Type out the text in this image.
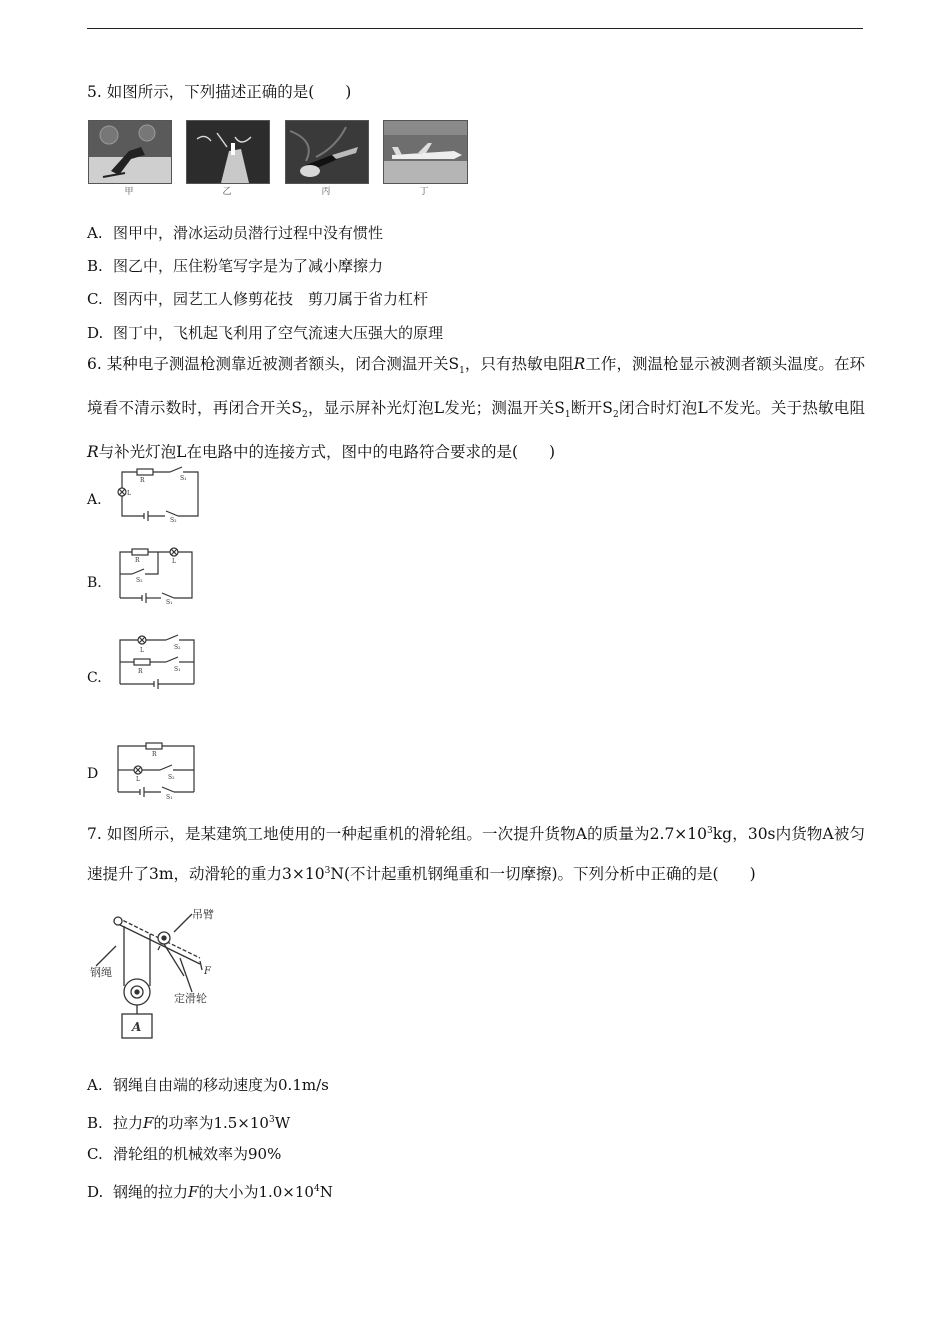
5. 如图所示，下列描述正确的是(　　)
甲	乙	丙	丁
A. 图甲中，滑冰运动员潜行过程中没有惯性
B. 图乙中，压住粉笔写字是为了减小摩擦力
C. 图丙中，园艺工人修剪花技　剪刀属于省力杠杆
D. 图丁中，飞机起飞利用了空气流速大压强大的原理
6. 某种电子测温枪测靠近被测者额头，闭合测温开关$S_1$，只有热敏电阻R工作，测温枪显示被测者额头温度。在环境看不清示数时，再闭合开关$S_2$，显示屏补光灯泡L发光；测温开关$S_1$断开$S_2$闭合时灯泡L不发光。关于热敏电阻R与补光灯泡L在电路中的连接方式，图中的电路符合要求的是(　　)
A.
R
L
S₁
S₂
B.
R	L
S₂
S₁
C.
L	S₂
R	S₁
D
R
L	S₂
S₁
7. 如图所示，是某建筑工地使用的一种起重机的滑轮组。一次提升货物A的质量为$2.7\times 10^3kg$，30s内货物A被匀速提升了3m，动滑轮的重力$3\times 10^3N$(不计起重机钢绳重和一切摩擦)。下列分析中正确的是(　　)
吊臂
钢绳
定滑轮
F
A
A. 钢绳自由端的移动速度为0.1m/s
B. 拉力F的功率为$1.5\times 10^3W$
C. 滑轮组的机械效率为90%
D. 钢绳的拉力F的大小为$1.0\times 10^4N$
